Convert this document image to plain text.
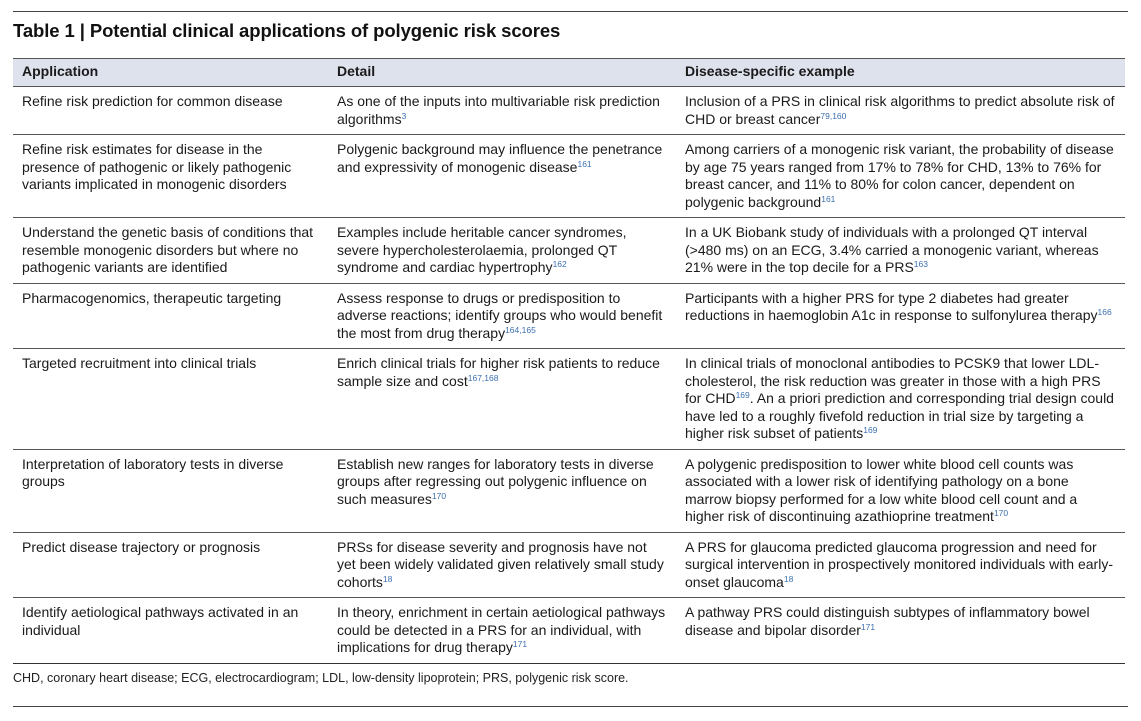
Table 1 | Potential clinical applications of polygenic risk scores
Application	Detail	Disease-specific example
Refine risk prediction for common disease	As one of the inputs into multivariable risk prediction algorithms$^3$	Inclusion of a PRS in clinical risk algorithms to predict absolute risk of CHD or breast cancer$^{79,160}$
Refine risk estimates for disease in the presence of pathogenic or likely pathogenic variants implicated in monogenic disorders	Polygenic background may influence the penetrance and expressivity of monogenic disease$^{161}$	Among carriers of a monogenic risk variant, the probability of disease by age 75 years ranged from 17% to 78% for CHD, 13% to 76% for breast cancer, and 11% to 80% for colon cancer, dependent on polygenic background$^{161}$
Understand the genetic basis of conditions that resemble monogenic disorders but where no pathogenic variants are identified	Examples include heritable cancer syndromes, severe hypercholesterolaemia, prolonged QT syndrome and cardiac hypertrophy$^{162}$	In a UK Biobank study of individuals with a prolonged QT interval (>480 ms) on an ECG, 3.4% carried a monogenic variant, whereas 21% were in the top decile for a PRS$^{163}$
Pharmacogenomics, therapeutic targeting	Assess response to drugs or predisposition to adverse reactions; identify groups who would benefit the most from drug therapy$^{164,165}$	Participants with a higher PRS for type 2 diabetes had greater reductions in haemoglobin A1c in response to sulfonylurea therapy$^{166}$
Targeted recruitment into clinical trials	Enrich clinical trials for higher risk patients to reduce sample size and cost$^{167,168}$	In clinical trials of monoclonal antibodies to PCSK9 that lower LDL-cholesterol, the risk reduction was greater in those with a high PRS for CHD$^{169}$. An a priori prediction and corresponding trial design could have led to a roughly fivefold reduction in trial size by targeting a higher risk subset of patients$^{169}$
Interpretation of laboratory tests in diverse groups	Establish new ranges for laboratory tests in diverse groups after regressing out polygenic influence on such measures$^{170}$	A polygenic predisposition to lower white blood cell counts was associated with a lower risk of identifying pathology on a bone marrow biopsy performed for a low white blood cell count and a higher risk of discontinuing azathioprine treatment$^{170}$
Predict disease trajectory or prognosis	PRSs for disease severity and prognosis have not yet been widely validated given relatively small study cohorts$^{18}$	A PRS for glaucoma predicted glaucoma progression and need for surgical intervention in prospectively monitored individuals with early-onset glaucoma$^{18}$
Identify aetiological pathways activated in an individual	In theory, enrichment in certain aetiological pathways could be detected in a PRS for an individual, with implications for drug therapy$^{171}$	A pathway PRS could distinguish subtypes of inflammatory bowel disease and bipolar disorder$^{171}$
CHD, coronary heart disease; ECG, electrocardiogram; LDL, low-density lipoprotein; PRS, polygenic risk score.
